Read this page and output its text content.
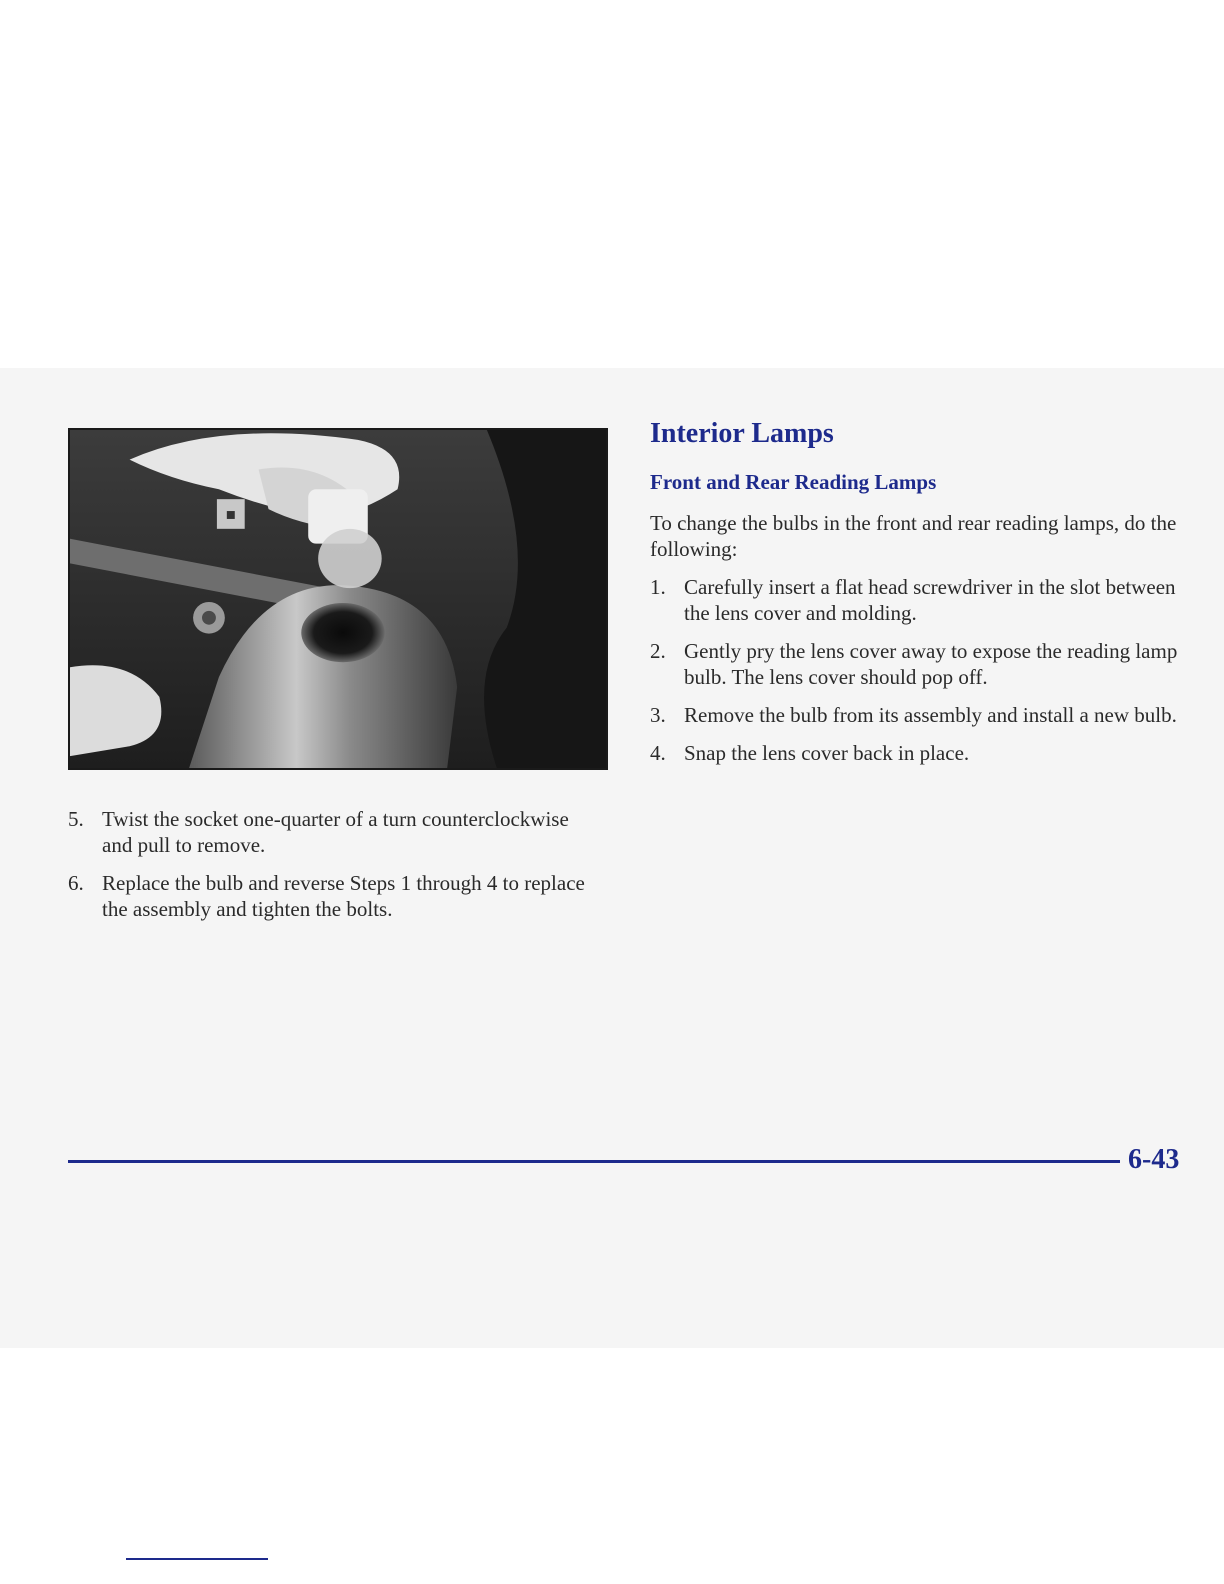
5. Twist the socket one-quarter of a turn counterclockwise and pull to remove.
6. Replace the bulb and reverse Steps 1 through 4 to replace the assembly and tighten the bolts.
Interior Lamps
Front and Rear Reading Lamps

To change the bulbs in the front and rear reading lamps, do the following:

1. Carefully insert a flat head screwdriver in the slot between the lens cover and molding.
2. Gently pry the lens cover away to expose the reading lamp bulb. The lens cover should pop off.
3. Remove the bulb from its assembly and install a new bulb.
4. Snap the lens cover back in place.
6-43
